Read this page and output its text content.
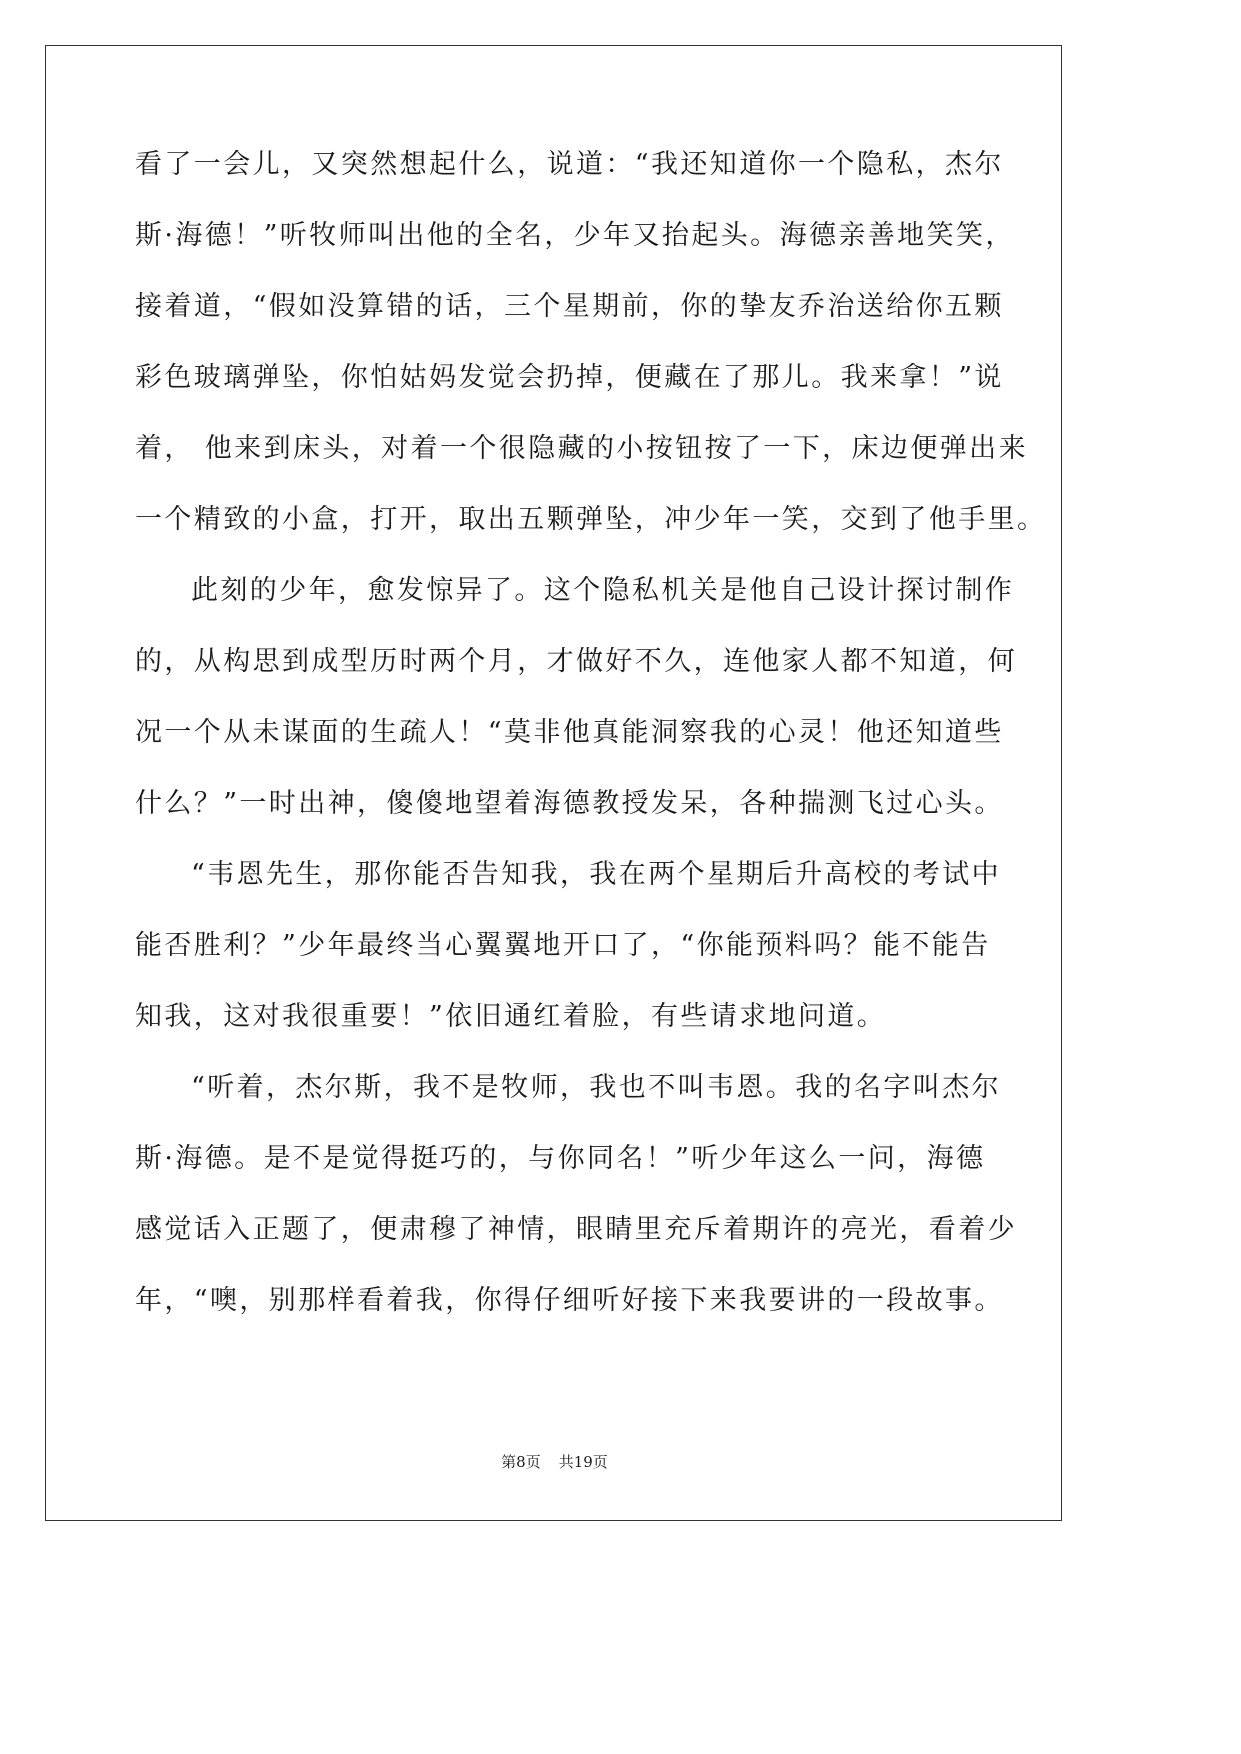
看了一会儿，又突然想起什么，说道：“我还知道你一个隐私，杰尔
斯·海德！”听牧师叫出他的全名，少年又抬起头。海德亲善地笑笑，
接着道，“假如没算错的话，三个星期前，你的挚友乔治送给你五颗
彩色玻璃弹坠，你怕姑妈发觉会扔掉，便藏在了那儿。我来拿！”说
着， 他来到床头，对着一个很隐藏的小按钮按了一下，床边便弹出来
一个精致的小盒，打开，取出五颗弹坠，冲少年一笑，交到了他手里。
此刻的少年，愈发惊异了。这个隐私机关是他自己设计探讨制作
的，从构思到成型历时两个月，才做好不久，连他家人都不知道，何
况一个从未谋面的生疏人！“莫非他真能洞察我的心灵！他还知道些
什么？”一时出神，傻傻地望着海德教授发呆，各种揣测飞过心头。
“韦恩先生，那你能否告知我，我在两个星期后升高校的考试中
能否胜利？”少年最终当心翼翼地开口了，“你能预料吗？能不能告
知我，这对我很重要！”依旧通红着脸，有些请求地问道。
“听着，杰尔斯，我不是牧师，我也不叫韦恩。我的名字叫杰尔
斯·海德。是不是觉得挺巧的，与你同名！”听少年这么一问，海德
感觉话入正题了，便肃穆了神情，眼睛里充斥着期许的亮光，看着少
年，“噢，别那样看着我，你得仔细听好接下来我要讲的一段故事。
第8页 共19页
